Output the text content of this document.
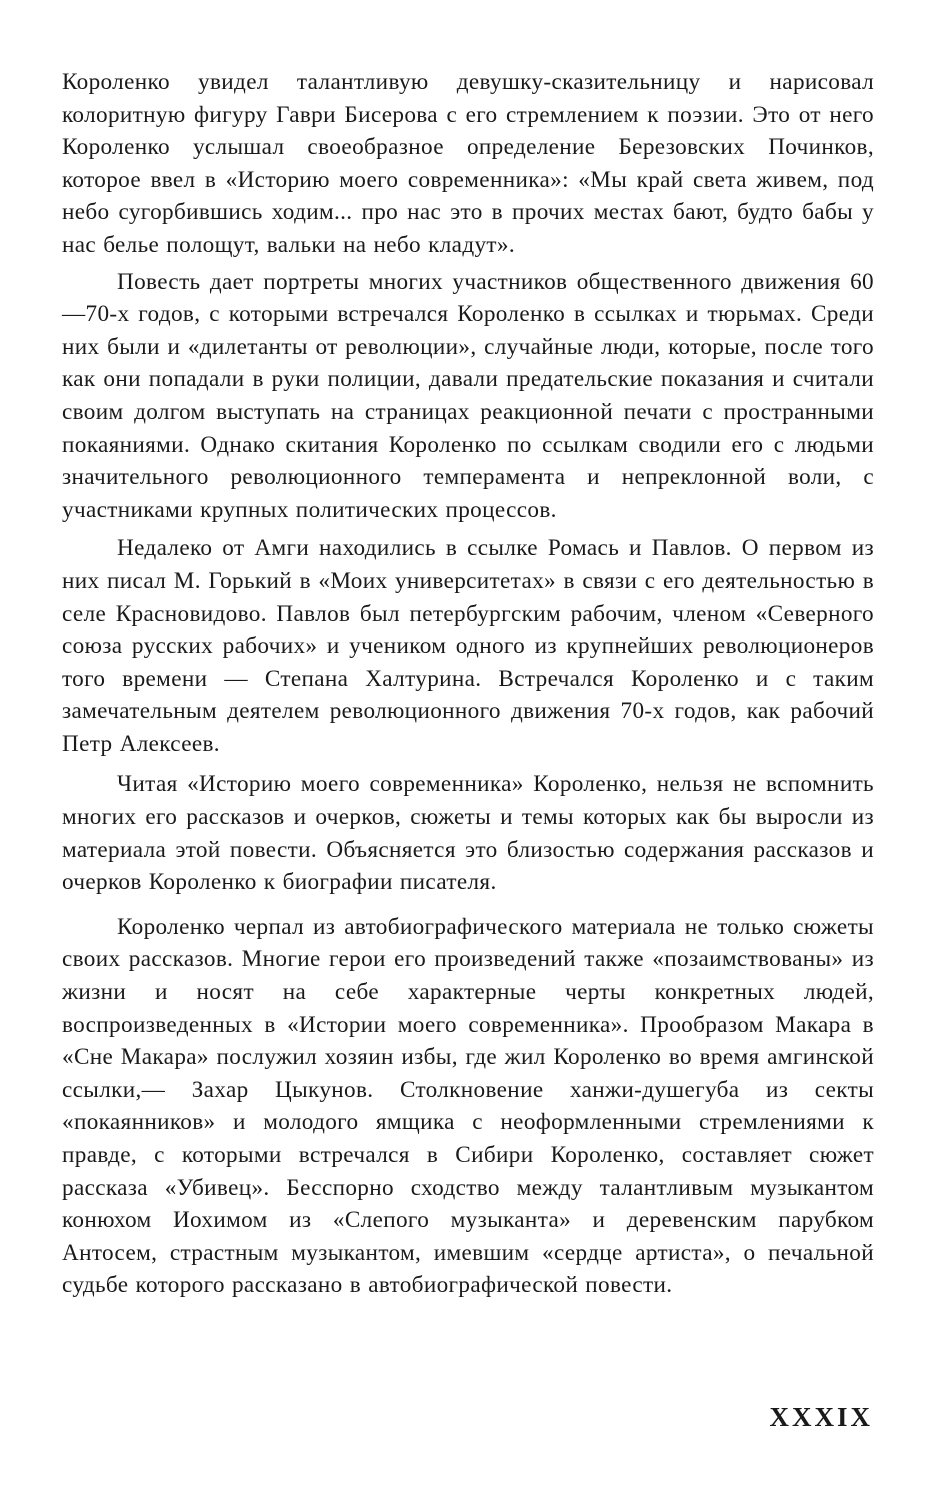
Короленко увидел талантливую девушку-сказительницу и нарисовал колоритную фигуру Гаври Бисерова с его стремлением к поэзии. Это от него Короленко услышал своеобразное определение Березовских Починков, которое ввел в «Историю моего современника»: «Мы край света живем, под небо сугорбившись ходим... про нас это в прочих местах бают, будто бабы у нас белье полощут, вальки на небо кладут».

Повесть дает портреты многих участников общественного движения 60—70-х годов, с которыми встречался Короленко в ссылках и тюрьмах. Среди них были и «дилетанты от революции», случайные люди, которые, после того как они попадали в руки полиции, давали предательские показания и считали своим долгом выступать на страницах реакционной печати с пространными покаяниями. Однако скитания Короленко по ссылкам сводили его с людьми значительного революционного темперамента и непреклонной воли, с участниками крупных политических процессов.

Недалеко от Амги находились в ссылке Ромась и Павлов. О первом из них писал М. Горький в «Моих университетах» в связи с его деятельностью в селе Красновидово. Павлов был петербургским рабочим, членом «Северного союза русских рабочих» и учеником одного из крупнейших революционеров того времени — Степана Халтурина. Встречался Короленко и с таким замечательным деятелем революционного движения 70-х годов, как рабочий Петр Алексеев.

Читая «Историю моего современника» Короленко, нельзя не вспомнить многих его рассказов и очерков, сюжеты и темы которых как бы выросли из материала этой повести. Объясняется это близостью содержания рассказов и очерков Короленко к биографии писателя.

Короленко черпал из автобиографического материала не только сюжеты своих рассказов. Многие герои его произведений также «позаимствованы» из жизни и носят на себе характерные черты конкретных людей, воспроизведенных в «Истории моего современника». Прообразом Макара в «Сне Макара» послужил хозяин избы, где жил Короленко во время амгинской ссылки,— Захар Цыкунов. Столкновение ханжи-душегуба из секты «покаянников» и молодого ямщика с неоформленными стремлениями к правде, с которыми встречался в Сибири Короленко, составляет сюжет рассказа «Убивец». Бесспорно сходство между талантливым музыкантом конюхом Иохимом из «Слепого музыканта» и деревенским парубком Антосем, страстным музыкантом, имевшим «сердце артиста», о печальной судьбе которого рассказано в автобиографической повести.

XXXIX
